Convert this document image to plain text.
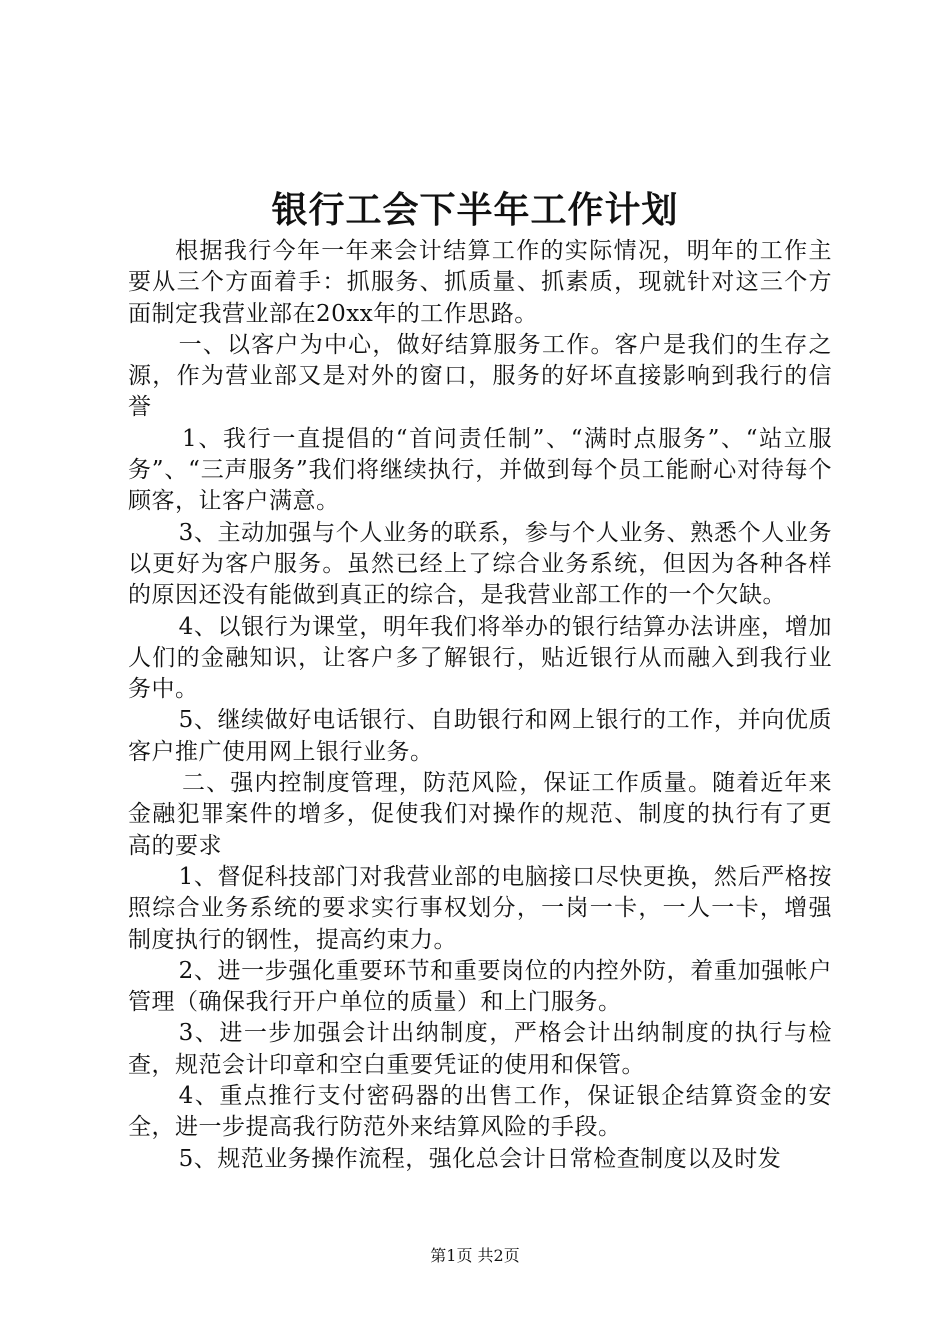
银行工会下半年工作计划

根据我行今年一年来会计结算工作的实际情况，明年的工作主要从三个方面着手：抓服务、抓质量、抓素质，现就针对这三个方面制定我营业部在20xx年的工作思路。

一、以客户为中心，做好结算服务工作。客户是我们的生存之源，作为营业部又是对外的窗口，服务的好坏直接影响到我行的信誉

1、我行一直提倡的“首问责任制”、“满时点服务”、“站立服务”、“三声服务”我们将继续执行，并做到每个员工能耐心对待每个顾客，让客户满意。

3、主动加强与个人业务的联系，参与个人业务、熟悉个人业务以更好为客户服务。虽然已经上了综合业务系统，但因为各种各样的原因还没有能做到真正的综合，是我营业部工作的一个欠缺。

4、以银行为课堂，明年我们将举办的银行结算办法讲座，增加人们的金融知识，让客户多了解银行，贴近银行从而融入到我行业务中。

5、继续做好电话银行、自助银行和网上银行的工作，并向优质客户推广使用网上银行业务。

二、强内控制度管理，防范风险，保证工作质量。随着近年来金融犯罪案件的增多，促使我们对操作的规范、制度的执行有了更高的要求

1、督促科技部门对我营业部的电脑接口尽快更换，然后严格按照综合业务系统的要求实行事权划分，一岗一卡，一人一卡，增强制度执行的钢性，提高约束力。

2、进一步强化重要环节和重要岗位的内控外防，着重加强帐户管理（确保我行开户单位的质量）和上门服务。

3、进一步加强会计出纳制度，严格会计出纳制度的执行与检查，规范会计印章和空白重要凭证的使用和保管。

4、重点推行支付密码器的出售工作，保证银企结算资金的安全，进一步提高我行防范外来结算风险的手段。

5、规范业务操作流程，强化总会计日常检查制度以及时发

第1页 共2页
